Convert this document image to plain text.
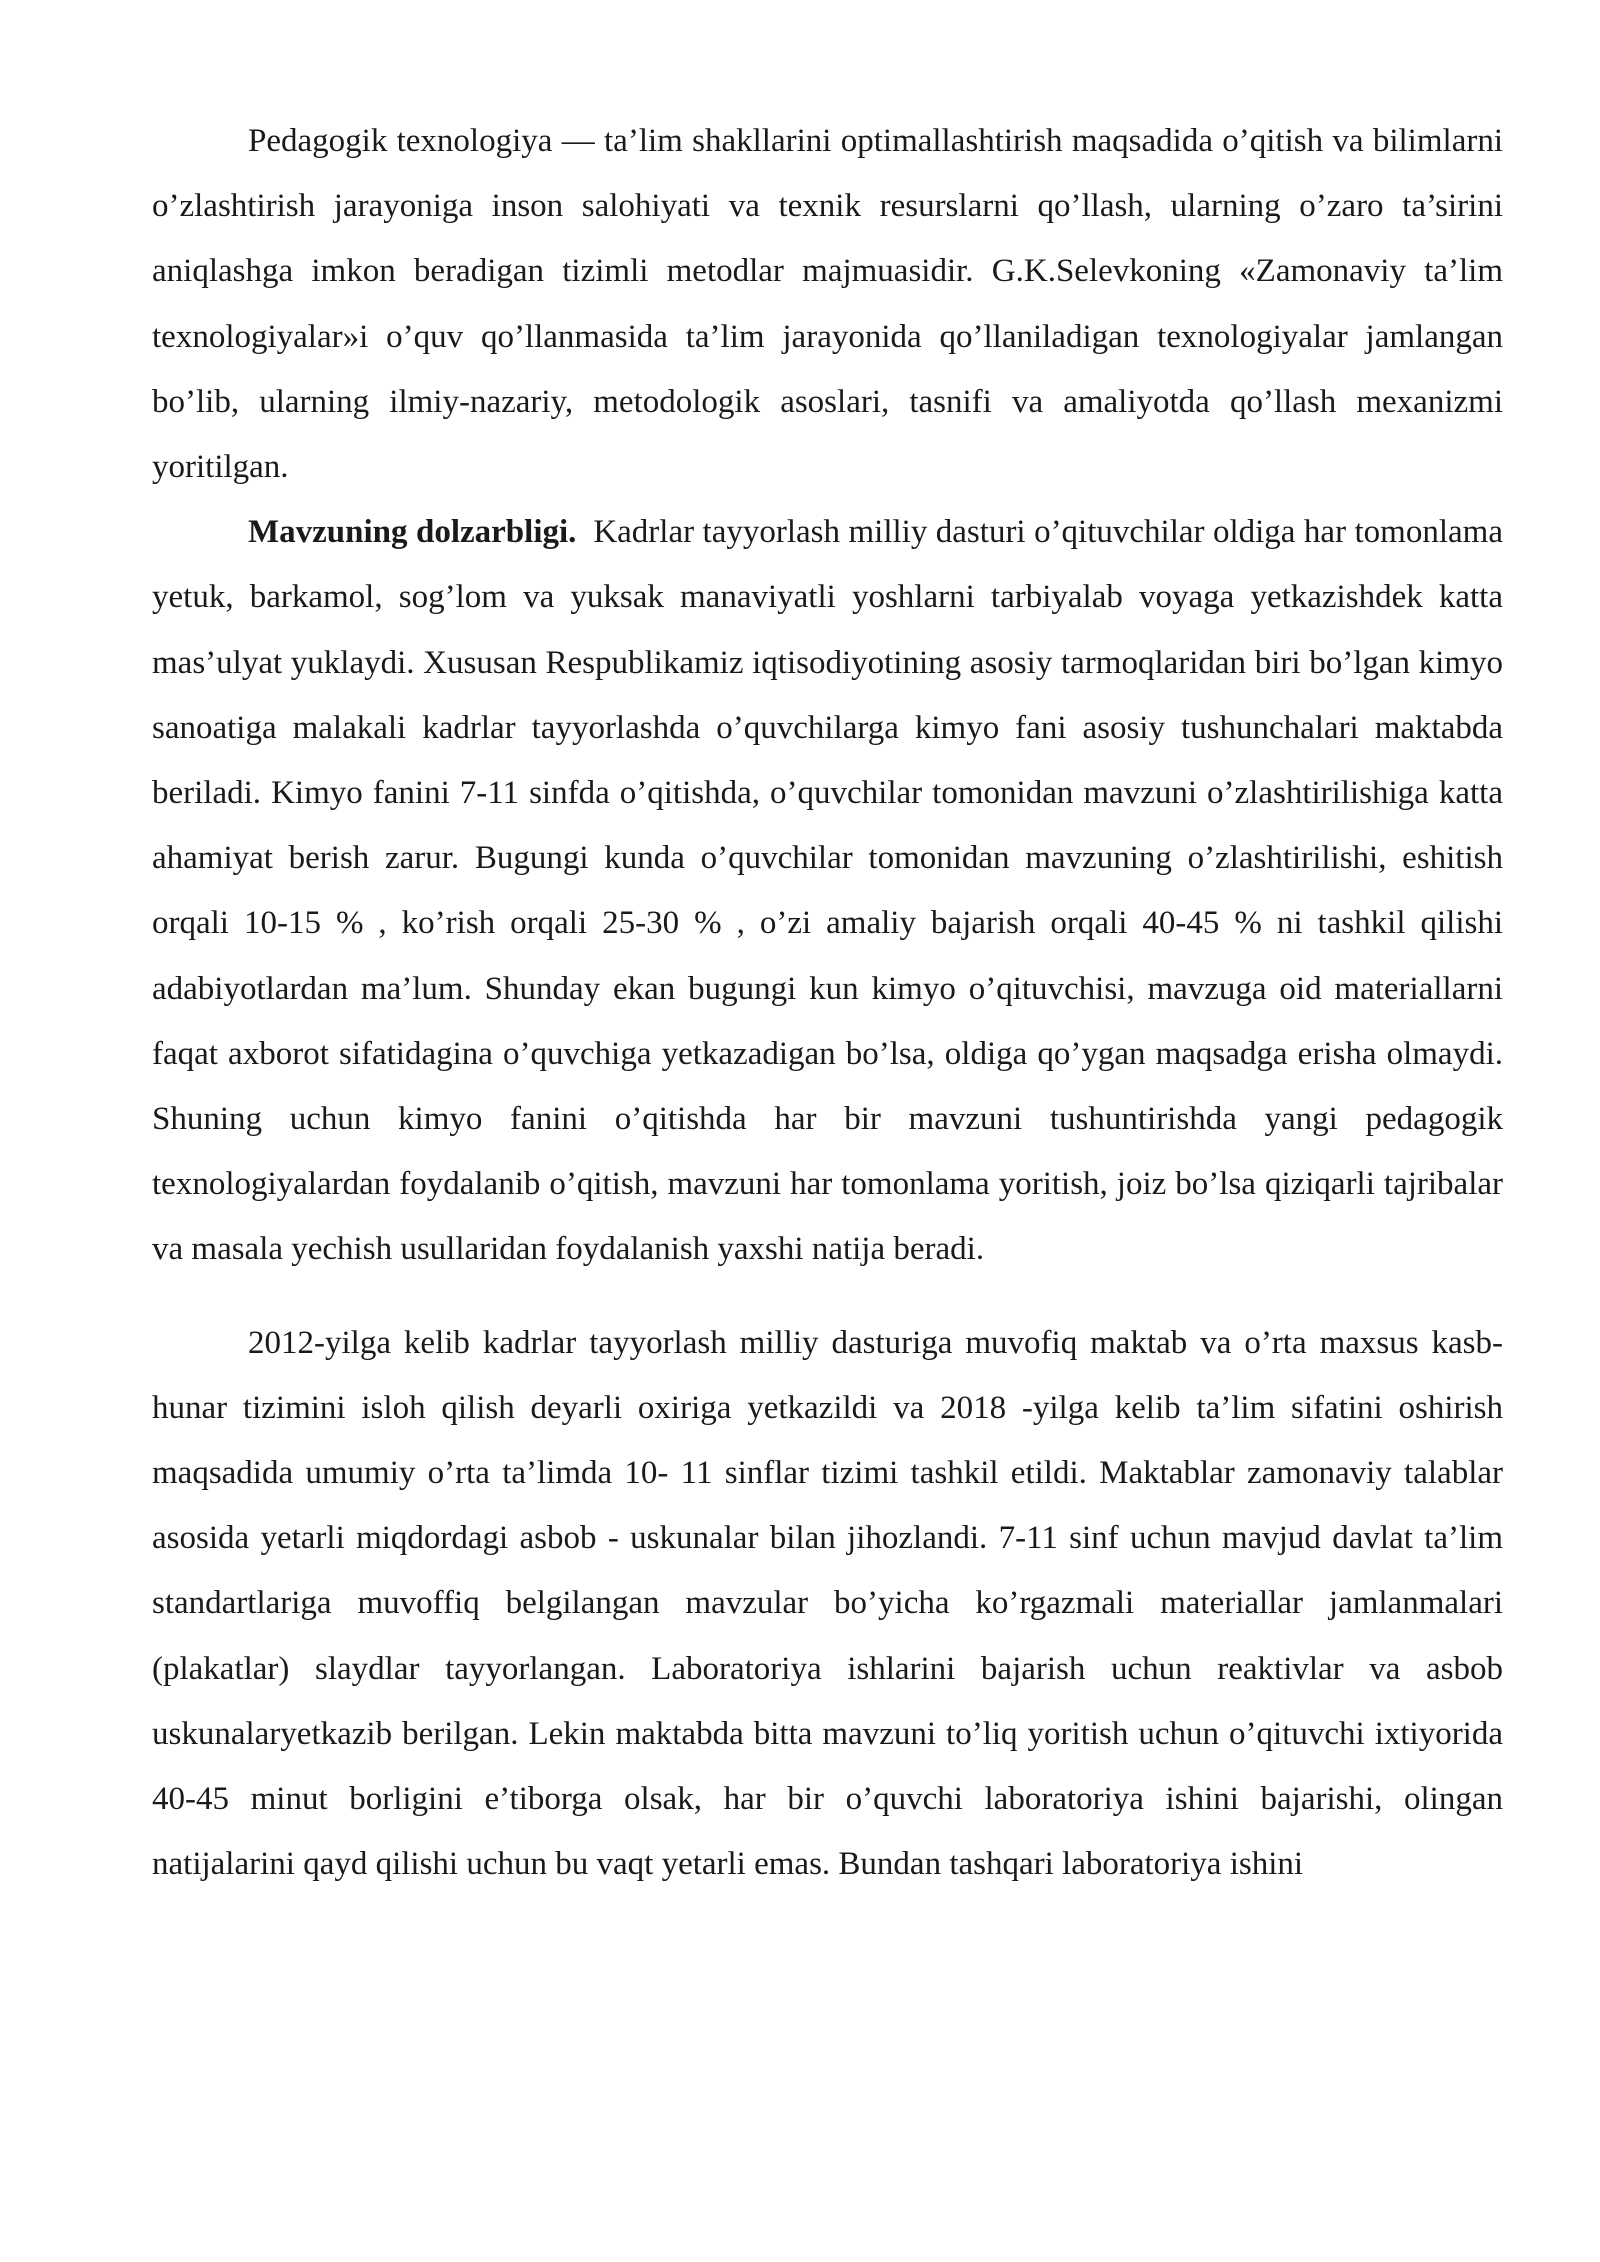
Pedagogik texnologiya — ta’lim shakllarini optimallashtirish maqsadida o’qitish va bilimlarni o’zlashtirish jarayoniga inson salohiyati va texnik resurslarni qo’llash, ularning o’zaro ta’sirini aniqlashga imkon beradigan tizimli metodlar majmuasidir. G.K.Selevkoning «Zamonaviy ta’lim texnologiyalar»i o’quv qo’llanmasida ta’lim jarayonida qo’llaniladigan texnologiyalar jamlangan bo’lib, ularning ilmiy-nazariy, metodologik asoslari, tasnifi va amaliyotda qo’llash mexanizmi yoritilgan.

Mavzuning dolzarbligi.  Kadrlar tayyorlash milliy dasturi o’qituvchilar oldiga har tomonlama yetuk, barkamol, sog’lom va yuksak manaviyatli yoshlarni tarbiyalab voyaga yetkazishdek katta mas’ulyat yuklaydi. Xususan Respublikamiz iqtisodiyotining asosiy tarmoqlaridan biri bo’lgan kimyo sanoatiga malakali kadrlar tayyorlashda o’quvchilarga kimyo fani asosiy tushunchalari maktabda beriladi. Kimyo fanini 7-11 sinfda o’qitishda, o’quvchilar tomonidan mavzuni o’zlashtirilishiga katta ahamiyat berish zarur. Bugungi kunda o’quvchilar tomonidan mavzuning o’zlashtirilishi, eshitish orqali 10-15 % , ko’rish orqali 25-30 % , o’zi amaliy bajarish orqali 40-45 % ni tashkil qilishi adabiyotlardan ma’lum. Shunday ekan bugungi kun kimyo o’qituvchisi, mavzuga oid materiallarni faqat axborot sifatidagina o’quvchiga yetkazadigan bo’lsa, oldiga qo’ygan maqsadga erisha olmaydi. Shuning uchun kimyo fanini o’qitishda har bir mavzuni tushuntirishda yangi pedagogik texnologiyalardan foydalanib o’qitish, mavzuni har tomonlama yoritish, joiz bo’lsa qiziqarli tajribalar va masala yechish usullaridan foydalanish yaxshi natija beradi.

2012-yilga kelib kadrlar tayyorlash milliy dasturiga muvofiq maktab va o’rta maxsus kasb-hunar tizimini isloh qilish deyarli oxiriga yetkazildi va 2018 -yilga kelib ta’lim sifatini oshirish maqsadida umumiy o’rta ta’limda 10- 11 sinflar tizimi tashkil etildi. Maktablar zamonaviy talablar asosida yetarli miqdordagi asbob - uskunalar bilan jihozlandi. 7-11 sinf uchun mavjud davlat ta’lim standartlariga muvoffiq belgilangan mavzular bo’yicha ko’rgazmali materiallar jamlanmalari (plakatlar) slaydlar tayyorlangan. Laboratoriya ishlarini bajarish uchun reaktivlar va asbob uskunalaryetkazib berilgan. Lekin maktabda bitta mavzuni to’liq yoritish uchun o’qituvchi ixtiyorida 40-45 minut borligini e’tiborga olsak, har bir o’quvchi laboratoriya ishini bajarishi, olingan natijalarini qayd qilishi uchun bu vaqt yetarli emas. Bundan tashqari laboratoriya ishini
